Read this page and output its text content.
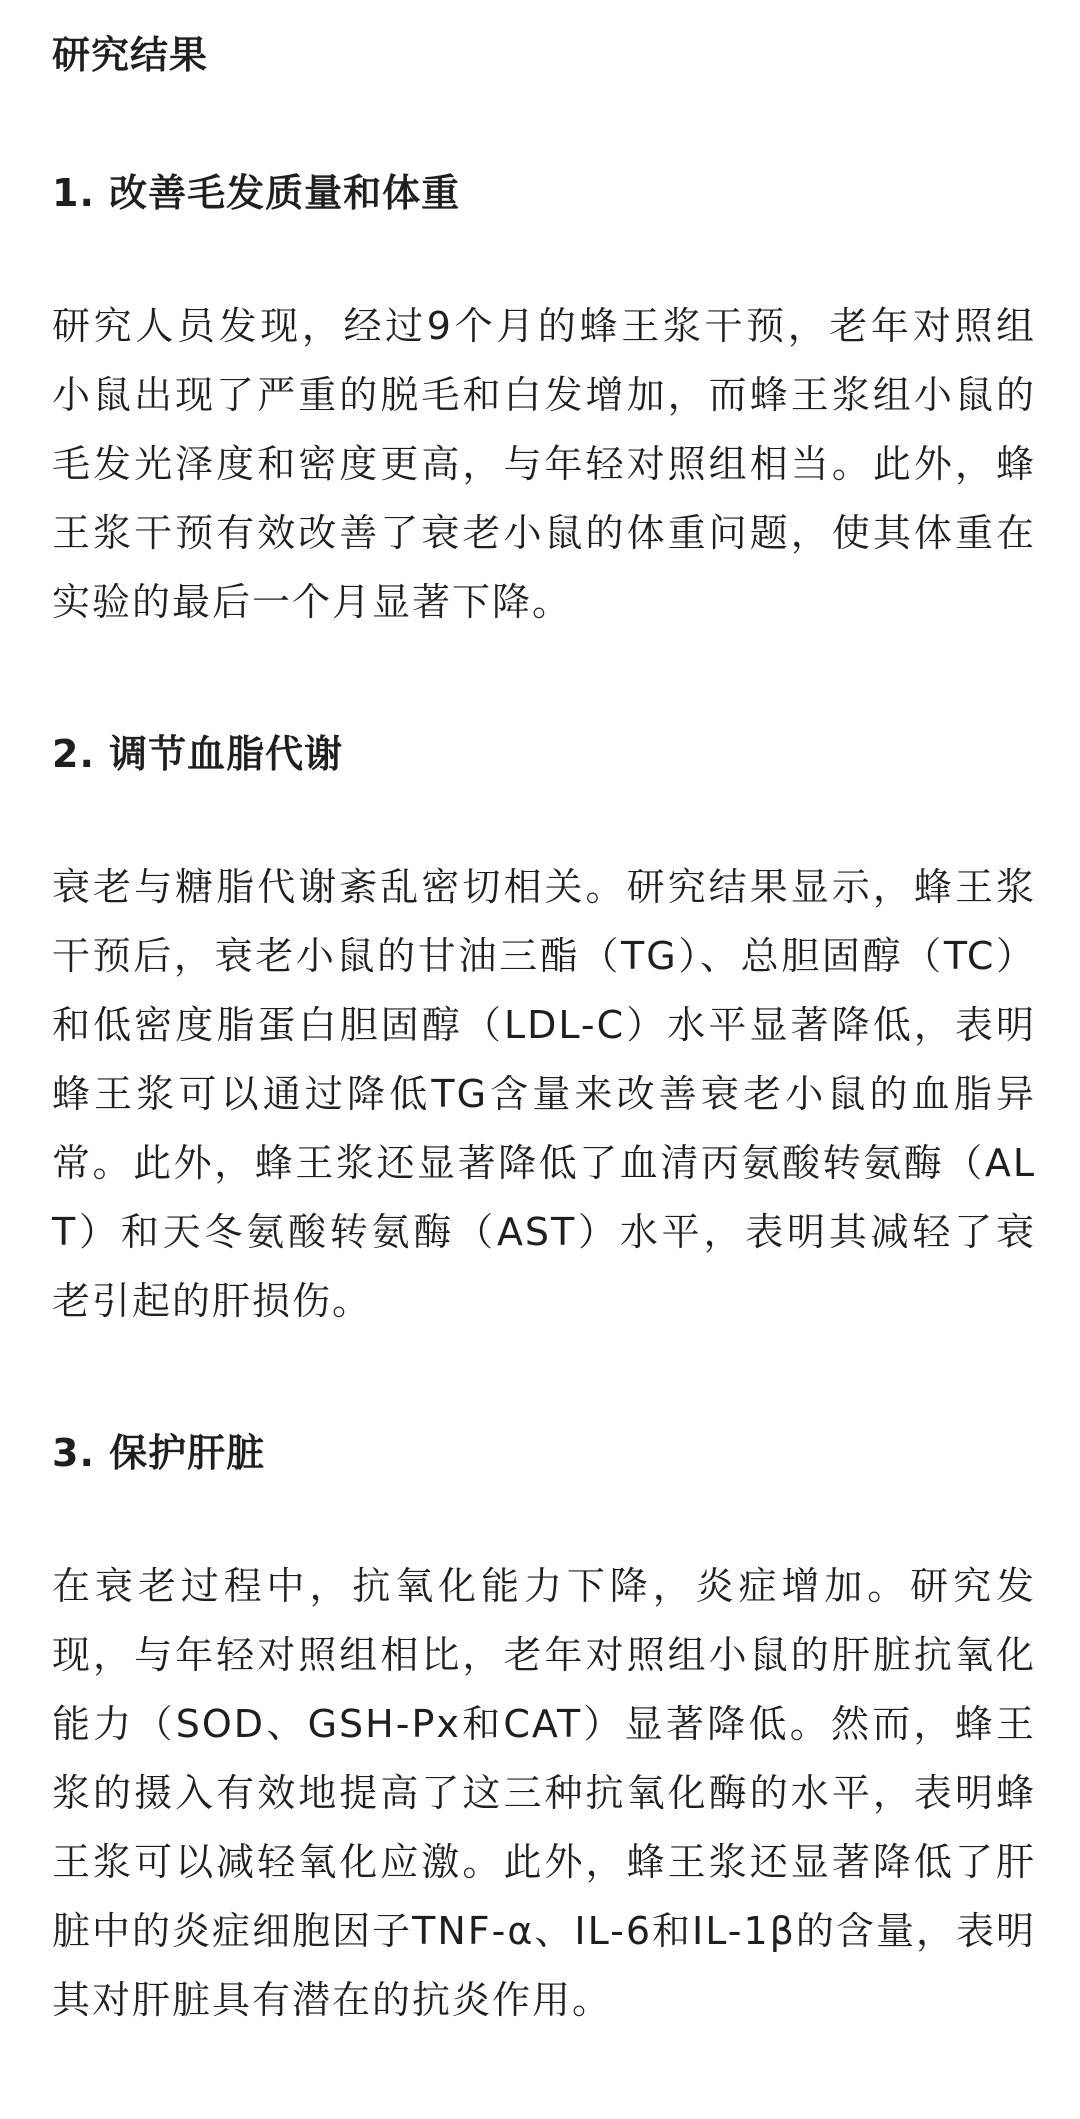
研究结果
1. 改善毛发质量和体重

研究人员发现，经过9个月的蜂王浆干预，老年对照组小鼠出现了严重的脱毛和白发增加，而蜂王浆组小鼠的毛发光泽度和密度更高，与年轻对照组相当。此外，蜂王浆干预有效改善了衰老小鼠的体重问题，使其体重在实验的最后一个月显著下降。

2. 调节血脂代谢

衰老与糖脂代谢紊乱密切相关。研究结果显示，蜂王浆干预后，衰老小鼠的甘油三酯（TG）、总胆固醇（TC）和低密度脂蛋白胆固醇（LDL-C）水平显著降低，表明蜂王浆可以通过降低TG含量来改善衰老小鼠的血脂异常。此外，蜂王浆还显著降低了血清丙氨酸转氨酶（ALT）和天冬氨酸转氨酶（AST）水平，表明其减轻了衰老引起的肝损伤。

3. 保护肝脏

在衰老过程中，抗氧化能力下降，炎症增加。研究发现，与年轻对照组相比，老年对照组小鼠的肝脏抗氧化能力（SOD、GSH-Px和CAT）显著降低。然而，蜂王浆的摄入有效地提高了这三种抗氧化酶的水平，表明蜂王浆可以减轻氧化应激。此外，蜂王浆还显著降低了肝脏中的炎症细胞因子TNF-α、IL-6和IL-1β的含量，表明其对肝脏具有潜在的抗炎作用。
